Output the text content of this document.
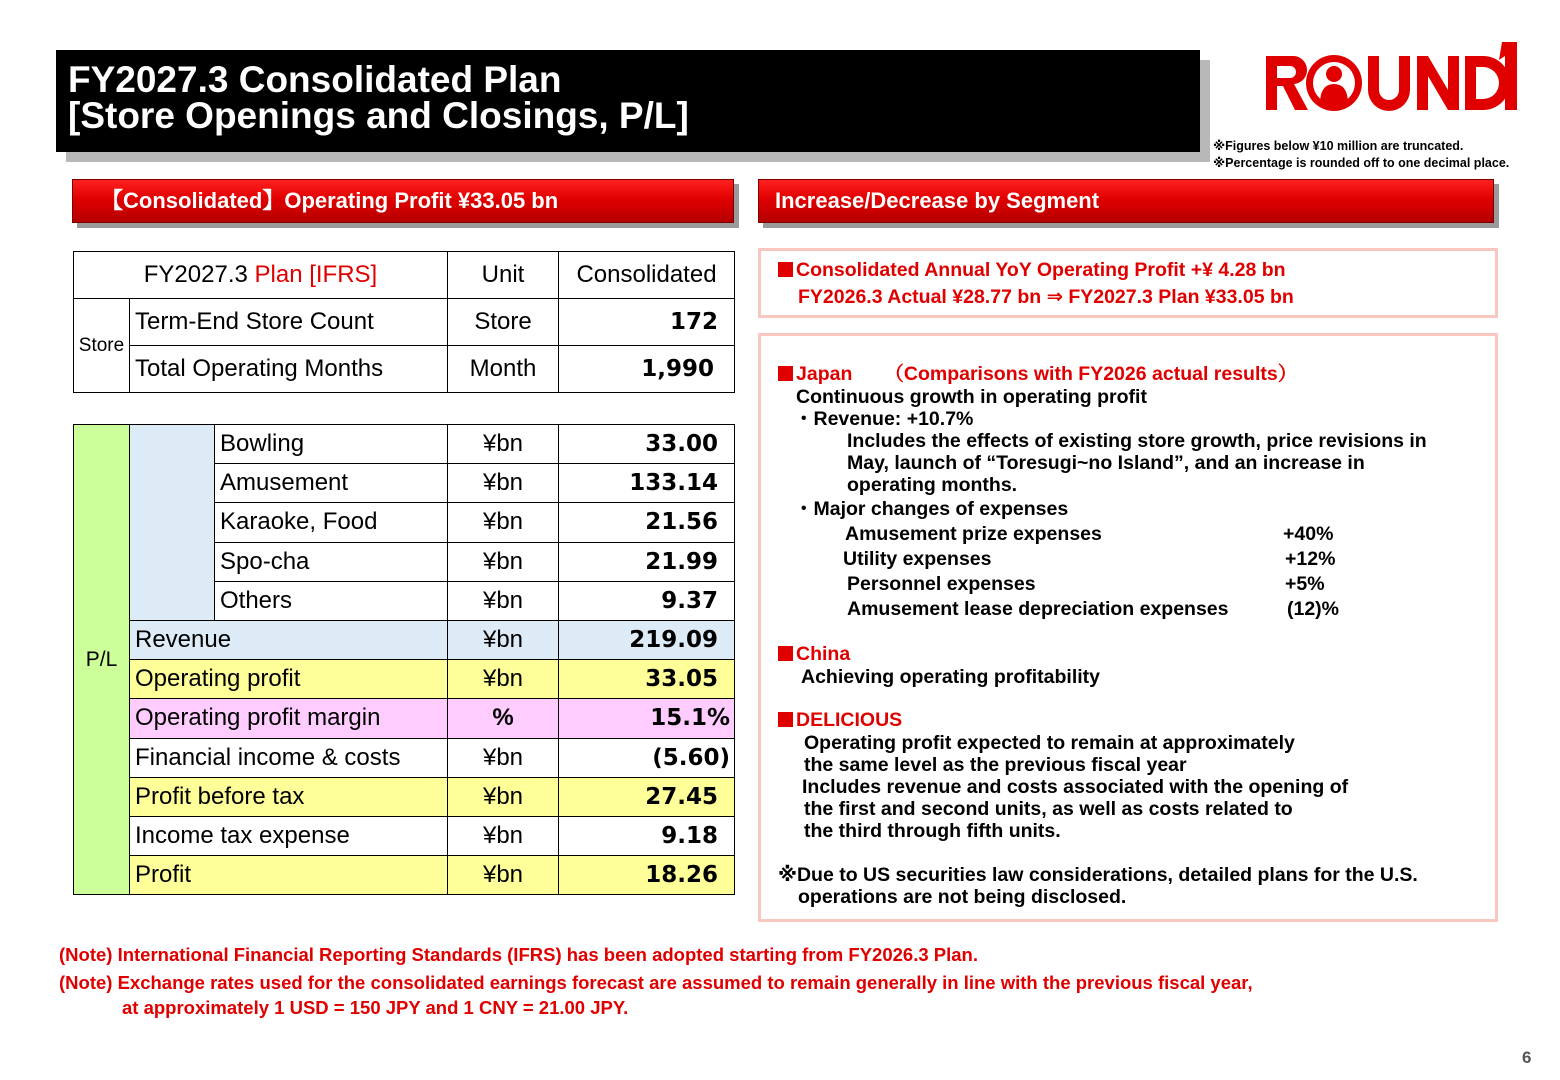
FY2027.3 Consolidated Plan
[Store Openings and Closings, P/L]
※Figures below ¥10 million are truncated.
※Percentage is rounded off to one decimal place.
【Consolidated】Operating Profit ¥33.05 bn	Increase/Decrease by Segment
FY2027.3 Plan [IFRS]		Unit	Consolidated
Store	Term-End Store Count	Store	172
	Total Operating Months	Month	1,990
P/L		Bowling	¥bn	33.00
		Amusement	¥bn	133.14
		Karaoke, Food	¥bn	21.56
		Spo-cha	¥bn	21.99
		Others	¥bn	9.37
	Revenue		¥bn	219.09
	Operating profit		¥bn	33.05
	Operating profit margin		%	15.1%
	Financial income & costs		¥bn	(5.60)
	Profit before tax		¥bn	27.45
	Income tax expense		¥bn	9.18
	Profit		¥bn	18.26
Consolidated Annual YoY Operating Profit +¥ 4.28 bn
FY2026.3 Actual ¥28.77 bn ⇒ FY2027.3 Plan ¥33.05 bn
Japan （Comparisons with FY2026 actual results）
Continuous growth in operating profit
・Revenue: +10.7%
Includes the effects of existing store growth, price revisions in
May, launch of “Toresugi~no Island”, and an increase in
operating months.
・Major changes of expenses
Amusement prize expenses	+40%
Utility expenses	+12%
Personnel expenses	+5%
Amusement lease depreciation expenses	(12)%
China
Achieving operating profitability
DELICIOUS
Operating profit expected to remain at approximately
the same level as the previous fiscal year
Includes revenue and costs associated with the opening of
the first and second units, as well as costs related to
the third through fifth units.
※Due to US securities law considerations, detailed plans for the U.S.
operations are not being disclosed.
(Note) International Financial Reporting Standards (IFRS) has been adopted starting from FY2026.3 Plan.
(Note) Exchange rates used for the consolidated earnings forecast are assumed to remain generally in line with the previous fiscal year,
at approximately 1 USD = 150 JPY and 1 CNY = 21.00 JPY.
6
